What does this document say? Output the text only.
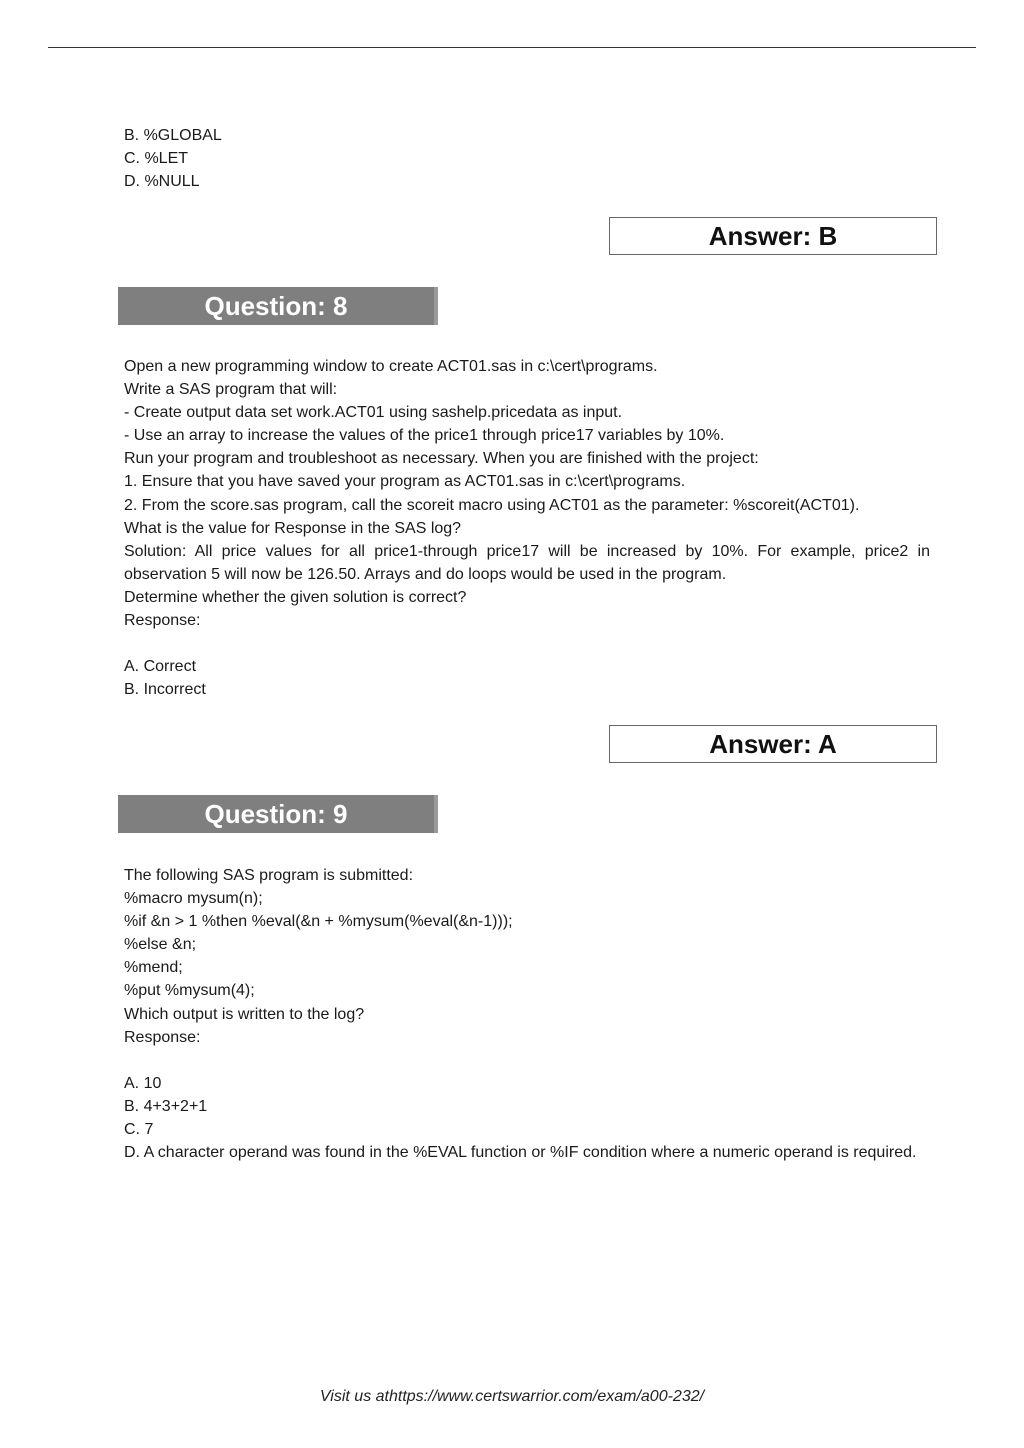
B. %GLOBAL
C. %LET
D. %NULL
Answer: B
Question: 8
Open a new programming window to create ACT01.sas in c:\cert\programs.
Write a SAS program that will:
- Create output data set work.ACT01 using sashelp.pricedata as input.
- Use an array to increase the values of the price1 through price17 variables by 10%.
Run your program and troubleshoot as necessary. When you are finished with the project:
1. Ensure that you have saved your program as ACT01.sas in c:\cert\programs.
2. From the score.sas program, call the scoreit macro using ACT01 as the parameter: %scoreit(ACT01).
What is the value for Response in the SAS log?
Solution: All price values for all price1-through price17 will be increased by 10%. For example, price2 in observation 5 will now be 126.50. Arrays and do loops would be used in the program.
Determine whether the given solution is correct?
Response:
A. Correct
B. Incorrect
Answer: A
Question: 9
The following SAS program is submitted:
%macro mysum(n);
%if &n > 1 %then %eval(&n + %mysum(%eval(&n-1)));
%else &n;
%mend;
%put %mysum(4);
Which output is written to the log?
Response:
A. 10
B. 4+3+2+1
C. 7
D. A character operand was found in the %EVAL function or %IF condition where a numeric operand is required.
Visit us athttps://www.certswarrior.com/exam/a00-232/
